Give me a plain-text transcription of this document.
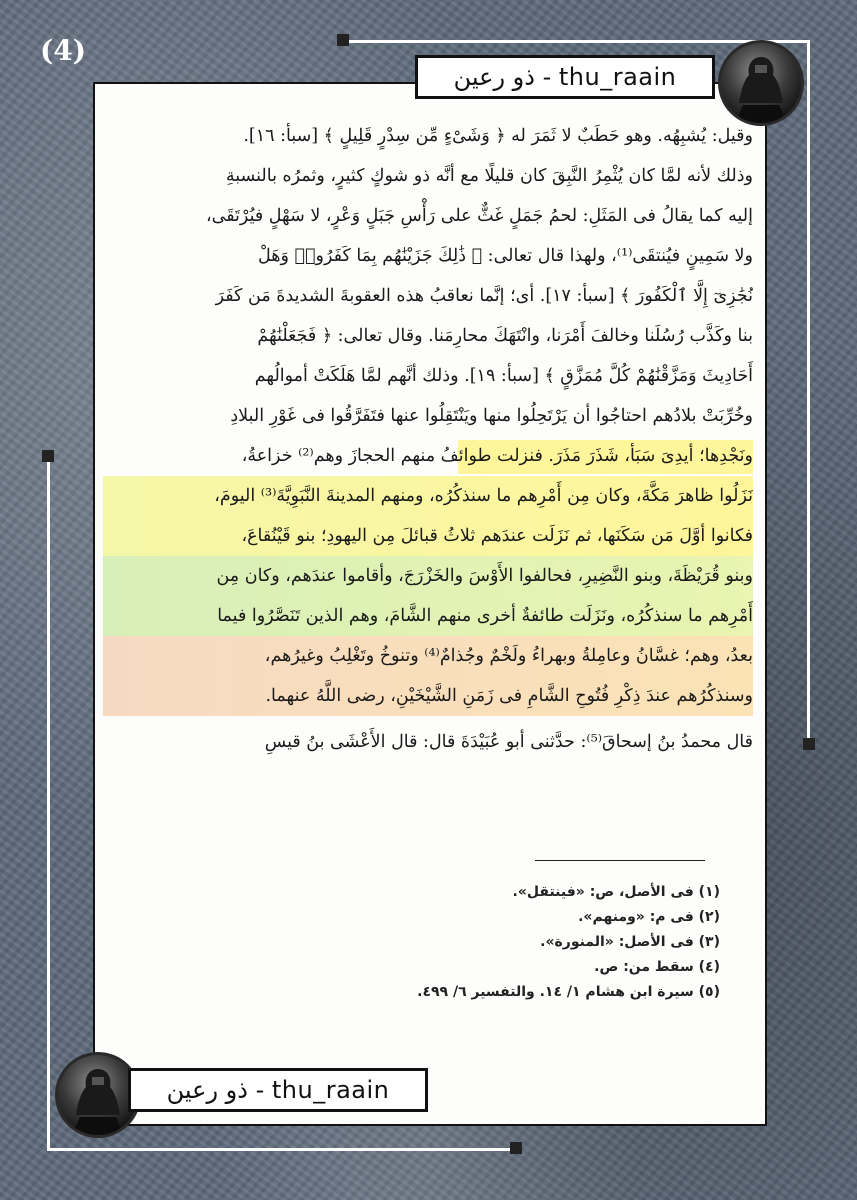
(4)
ذو رعين - thu_raain
وقيل: يُشبِهُه. وهو حَطَبٌ لا ثَمَرَ له ﴿ وَشَىْءٍ مِّن سِدْرٍ قَلِيلٍ ﴾ [سبأ: ١٦].
وذلك لأنه لمَّا كان يُثْمِرُ النَّبِقَ كان قليلًا مع أنَّه ذو شوكٍ كثيرٍ، وثمرُه بالنسبةِ
إليه كما يقالُ فى المَثَلِ: لحمُ جَمَلٍ غَثٌّ على رَأْسِ جَبَلٍ وَعْرٍ، لا سَهْلٍ فيُرْتَقَى،
ولا سَمِينٍ فيُنتقَى⁽¹⁾، ولهذا قال تعالى: ﴿ ذَٰلِكَ جَزَيْنَٰهُم بِمَا كَفَرُوا۟ وَهَلْ
نُجَٰزِىٓ إِلَّا ٱلْكَفُورَ ﴾ [سبأ: ١٧]. أى؛ إنَّما نعاقبُ هذه العقوبةَ الشديدةَ مَن كَفَرَ
بنا وكَذَّب رُسُلَنا وخالفَ أَمْرَنا، وانْتَهَكَ محارِمَنا. وقال تعالى: ﴿ فَجَعَلْنَٰهُمْ
أَحَادِيثَ وَمَزَّقْنَٰهُمْ كُلَّ مُمَزَّقٍ ﴾ [سبأ: ١٩]. وذلك أنَّهم لمَّا هَلَكَتْ أموالُهم
وخُرِّبَتْ بلادُهم احتاجُوا أن يَرْتَحِلُوا منها ويَنْتَقِلُوا عنها فتَفَرَّقُوا فى غَوْرِ البلادِ
ونَجْدِها؛ أيدِىَ سَبَأ، شَذَرَ مَذَرَ. فنزلت طوائفُ منهم الحجازَ وهم⁽²⁾ خزاعةُ،
نَزَلُوا ظاهرَ مَكَّةَ، وكان مِن أَمْرِهم ما سنذكُرُه، ومنهم المدينةَ النَّبَوِيَّةَ⁽³⁾ اليومَ،
فكانوا أوَّلَ مَن سَكَنَها، ثم نَزَلَت عندَهم ثلاثُ قبائلَ مِن اليهودِ؛ بنو قَيْنُقاعَ،
وبنو قُرَيْظَةَ، وبنو النَّضِيرِ، فحالفوا الأَوْسَ والخَزْرَجَ، وأقاموا عندَهم، وكان مِن
أَمْرِهم ما سنذكُرُه، ونَزَلَت طائفةٌ أخرى منهم الشَّامَ، وهم الذين تَنَصَّرُوا فيما
بعدُ، وهم؛ غسَّانُ وعامِلةُ وبهراءُ ولَخْمٌ وجُذامٌ⁽⁴⁾ وتنوخُ وتَغْلِبُ وغيرُهم،
وسنذكُرُهم عندَ ذِكْرِ فُتُوحِ الشَّامِ فى زَمَنِ الشَّيْخَيْنِ، رضى اللَّهُ عنهما.
قال محمدُ بنُ إسحاقَ⁽⁵⁾: حدَّثنى أبو عُبَيْدَةَ قال: قال الأَعْشَى بنُ قيسِ
(١) فى الأصل، ص: «فينتقل».
(٢) فى م: «ومنهم».
(٣) فى الأصل: «المنورة».
(٤) سقط من: ص.
(٥) سيرة ابن هشام ١/ ١٤. والتفسير ٦/ ٤٩٩.
ذو رعين - thu_raain
